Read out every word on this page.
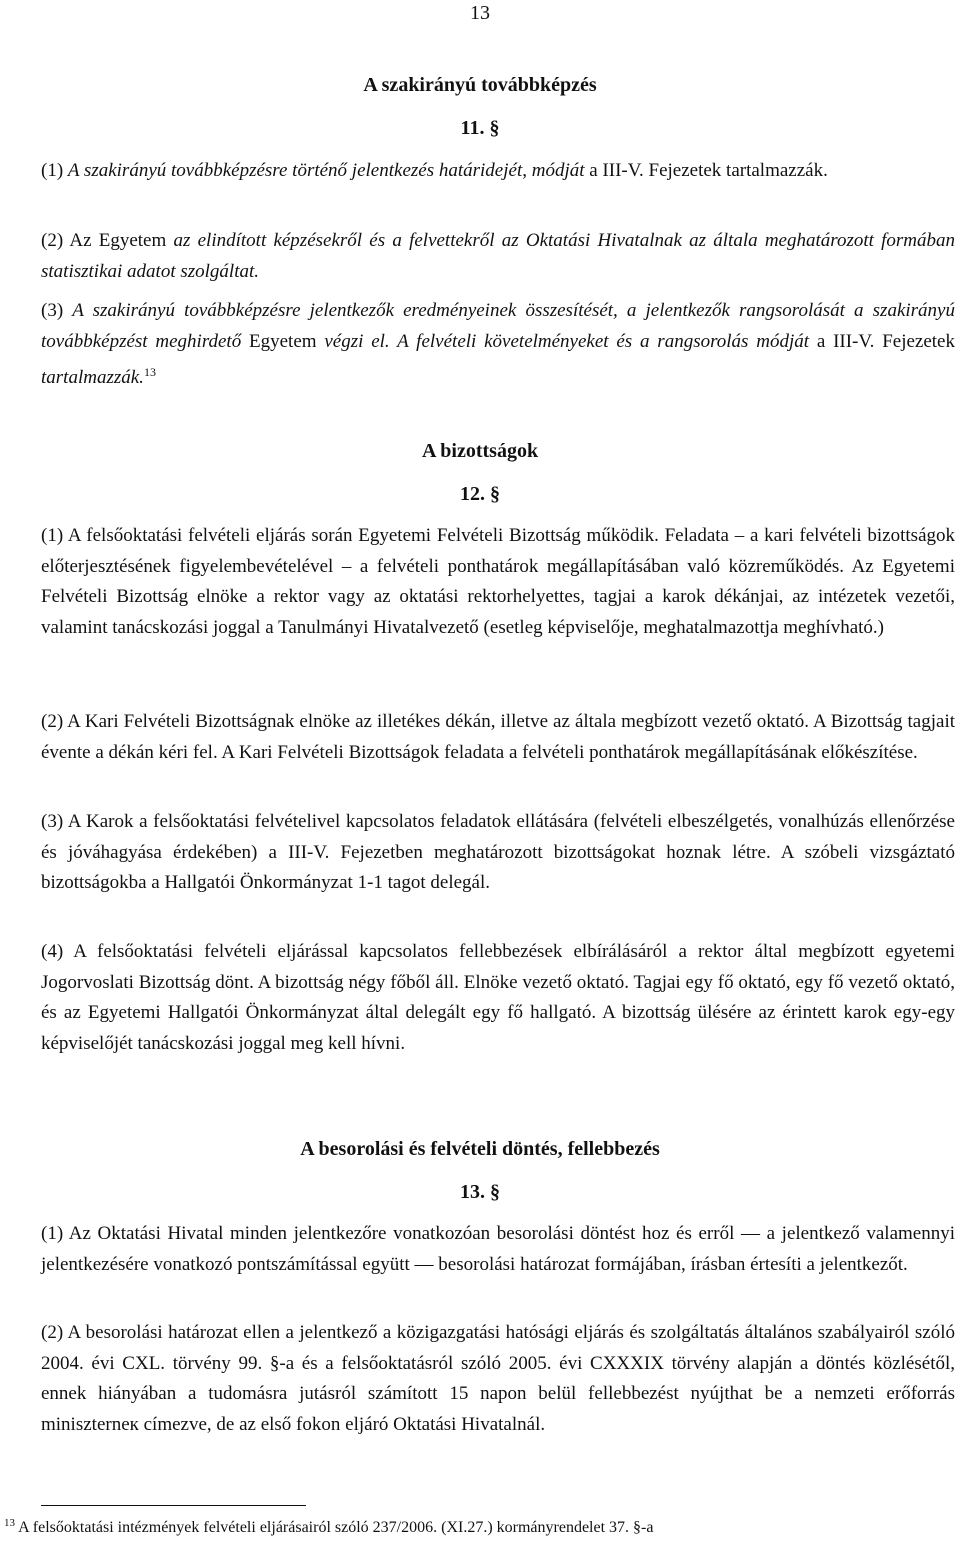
13
A szakirányú továbbképzés
11. §
(1) A szakirányú továbbképzésre történő jelentkezés határidejét, módját a III-V. Fejezetek tartalmazzák.
(2) Az Egyetem az elindított képzésekről és a felvettekről az Oktatási Hivatalnak az általa meghatározott formában statisztikai adatot szolgáltat.
(3) A szakirányú továbbképzésre jelentkezők eredményeinek összesítését, a jelentkezők rangsorolását a szakirányú továbbképzést meghirdető Egyetem végzi el. A felvételi követelményeket és a rangsorolás módját a III-V. Fejezetek tartalmazzák.$^{13}$
A bizottságok
12. §
(1) A felsőoktatási felvételi eljárás során Egyetemi Felvételi Bizottság működik. Feladata – a kari felvételi bizottságok előterjesztésének figyelembevételével – a felvételi ponthatárok megállapításában való közreműködés. Az Egyetemi Felvételi Bizottság elnöke a rektor vagy az oktatási rektorhelyettes, tagjai a karok dékánjai, az intézetek vezetői, valamint tanácskozási joggal a Tanulmányi Hivatalvezető (esetleg képviselője, meghatalmazottja meghívható.)
(2) A Kari Felvételi Bizottságnak elnöke az illetékes dékán, illetve az általa megbízott vezető oktató. A Bizottság tagjait évente a dékán kéri fel. A Kari Felvételi Bizottságok feladata a felvételi ponthatárok megállapításának előkészítése.
(3) A Karok a felsőoktatási felvételivel kapcsolatos feladatok ellátására (felvételi elbeszélgetés, vonalhúzás ellenőrzése és jóváhagyása érdekében) a III-V. Fejezetben meghatározott bizottságokat hoznak létre. A szóbeli vizsgáztató bizottságokba a Hallgatói Önkormányzat 1-1 tagot delegál.
(4) A felsőoktatási felvételi eljárással kapcsolatos fellebbezések elbírálásáról a rektor által megbízott egyetemi Jogorvoslati Bizottság dönt. A bizottság négy főből áll. Elnöke vezető oktató. Tagjai egy fő oktató, egy fő vezető oktató, és az Egyetemi Hallgatói Önkormányzat által delegált egy fő hallgató. A bizottság ülésére az érintett karok egy-egy képviselőjét tanácskozási joggal meg kell hívni.
A besorolási és felvételi döntés, fellebbezés
13. §
(1) Az Oktatási Hivatal minden jelentkezőre vonatkozóan besorolási döntést hoz és erről — a jelentkező valamennyi jelentkezésére vonatkozó pontszámítással együtt — besorolási határozat formájában, írásban értesíti a jelentkezőt.
(2) A besorolási határozat ellen a jelentkező a közigazgatási hatósági eljárás és szolgáltatás általános szabályairól szóló 2004. évi CXL. törvény 99. §-a és a felsőoktatásról szóló 2005. évi CXXXIX törvény alapján a döntés közlésétől, ennek hiányában a tudomásra jutásról számított 15 napon belül fellebbezést nyújthat be a nemzeti erőforrás miniszterneк címezve, de az első fokon eljáró Oktatási Hivatalnál.
$^{13}$ A felsőoktatási intézmények felvételi eljárásairól szóló 237/2006. (XI.27.) kormányrendelet 37. §-a
